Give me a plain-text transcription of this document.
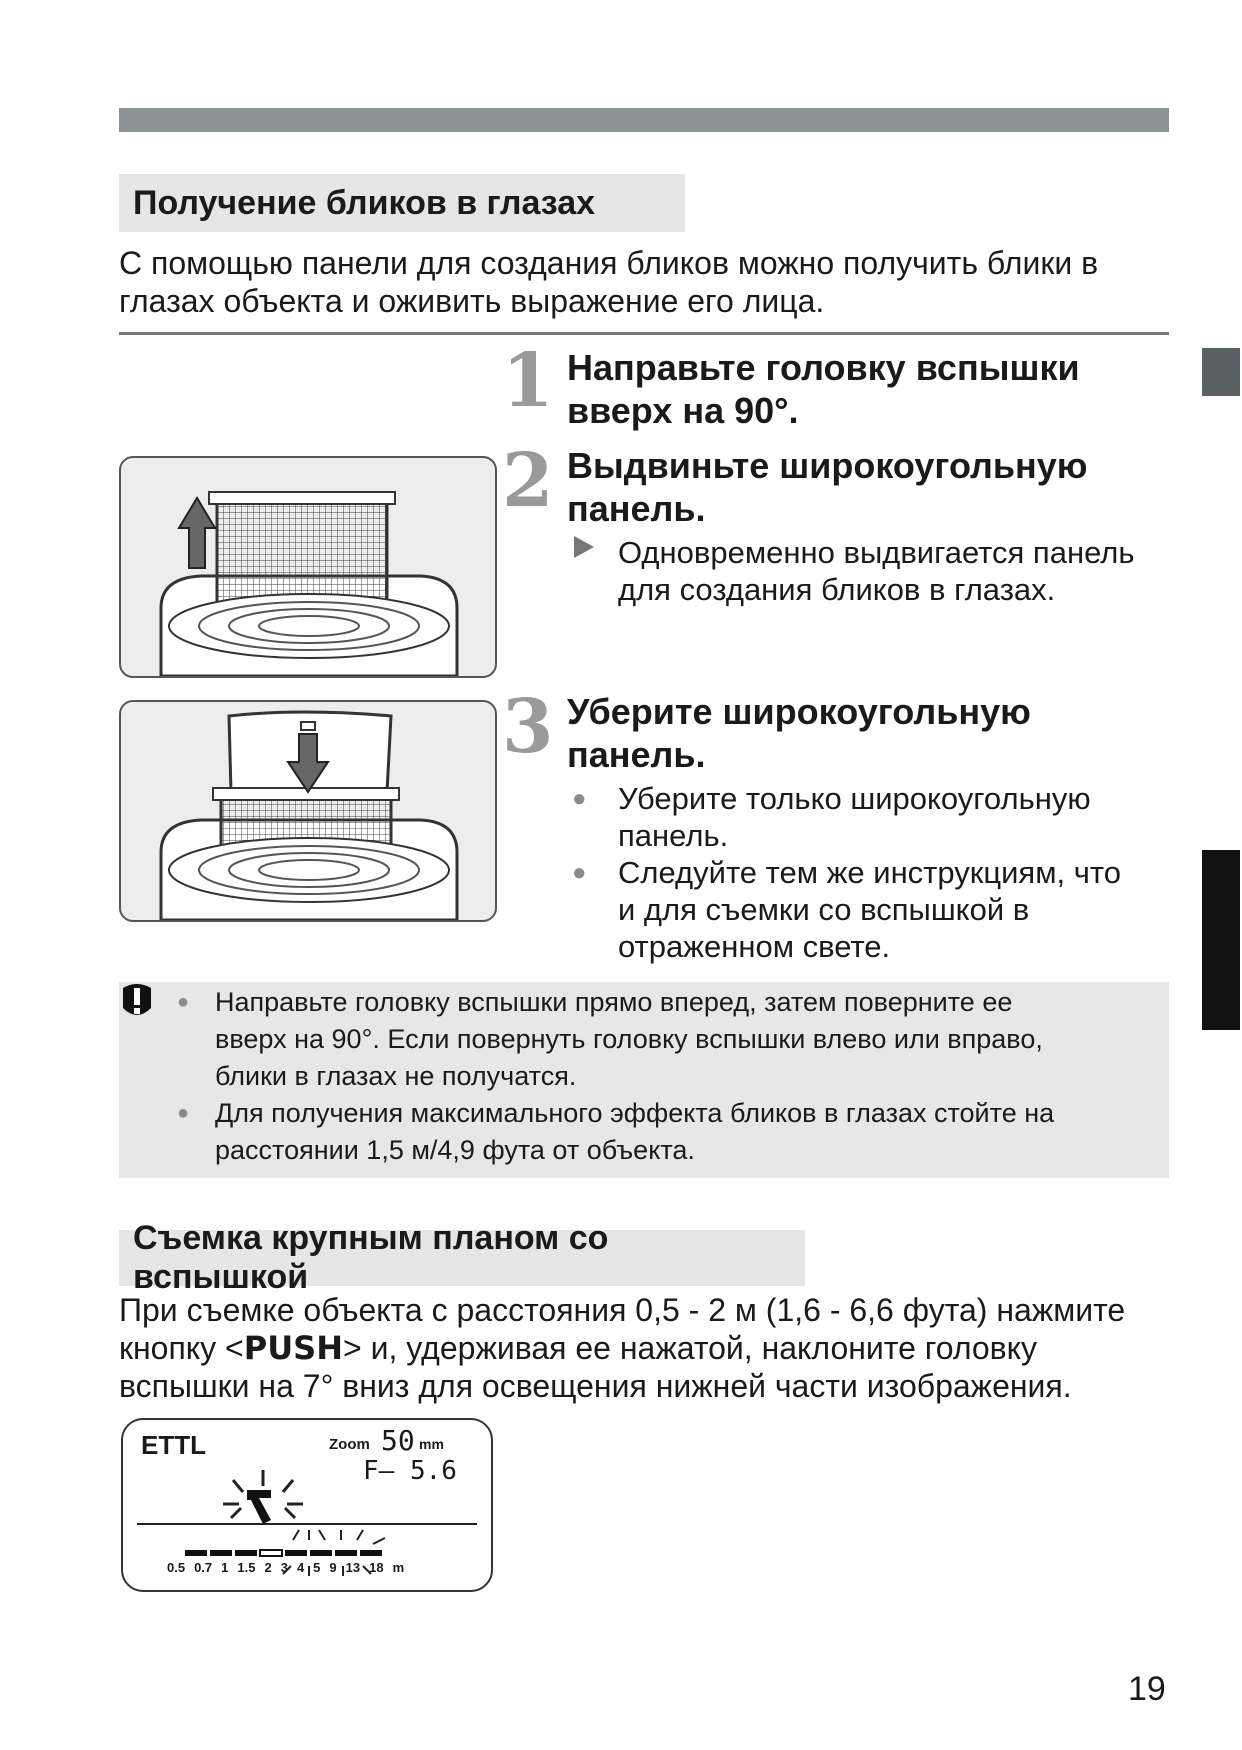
Получение бликов в глазах
С помощью панели для создания бликов можно получить блики в
глазах объекта и оживить выражение его лица.
1 Направьте головку вспышки
вверх на 90°.
2 Выдвиньте широкоугольную
панель.
Одновременно выдвигается панель
для создания бликов в глазах.
3 Уберите широкоугольную
панель.
●	Уберите только широкоугольную
панель.
●	Следуйте тем же инструкциям, что
и для съемки со вспышкой в
отраженном свете.
● Направьте головку вспышки прямо вперед, затем поверните ее
вверх на 90°. Если повернуть головку вспышки влево или вправо,
блики в глазах не получатся.
● Для получения максимального эффекта бликов в глазах стойте на
расстоянии 1,5 м/4,9 фута от объекта.
Съемка крупным планом со вспышкой
При съемке объекта с расстояния 0,5 - 2 м (1,6 - 6,6 фута) нажмите
кнопку <PUSH> и, удерживая ее нажатой, наклоните головку
вспышки на 7° вниз для освещения нижней части изображения.
ETTL	Zoom 50 mm
F– 5.6
0.5 0.7 1 1.5 2 3 4 5 9 13 18 m
19
